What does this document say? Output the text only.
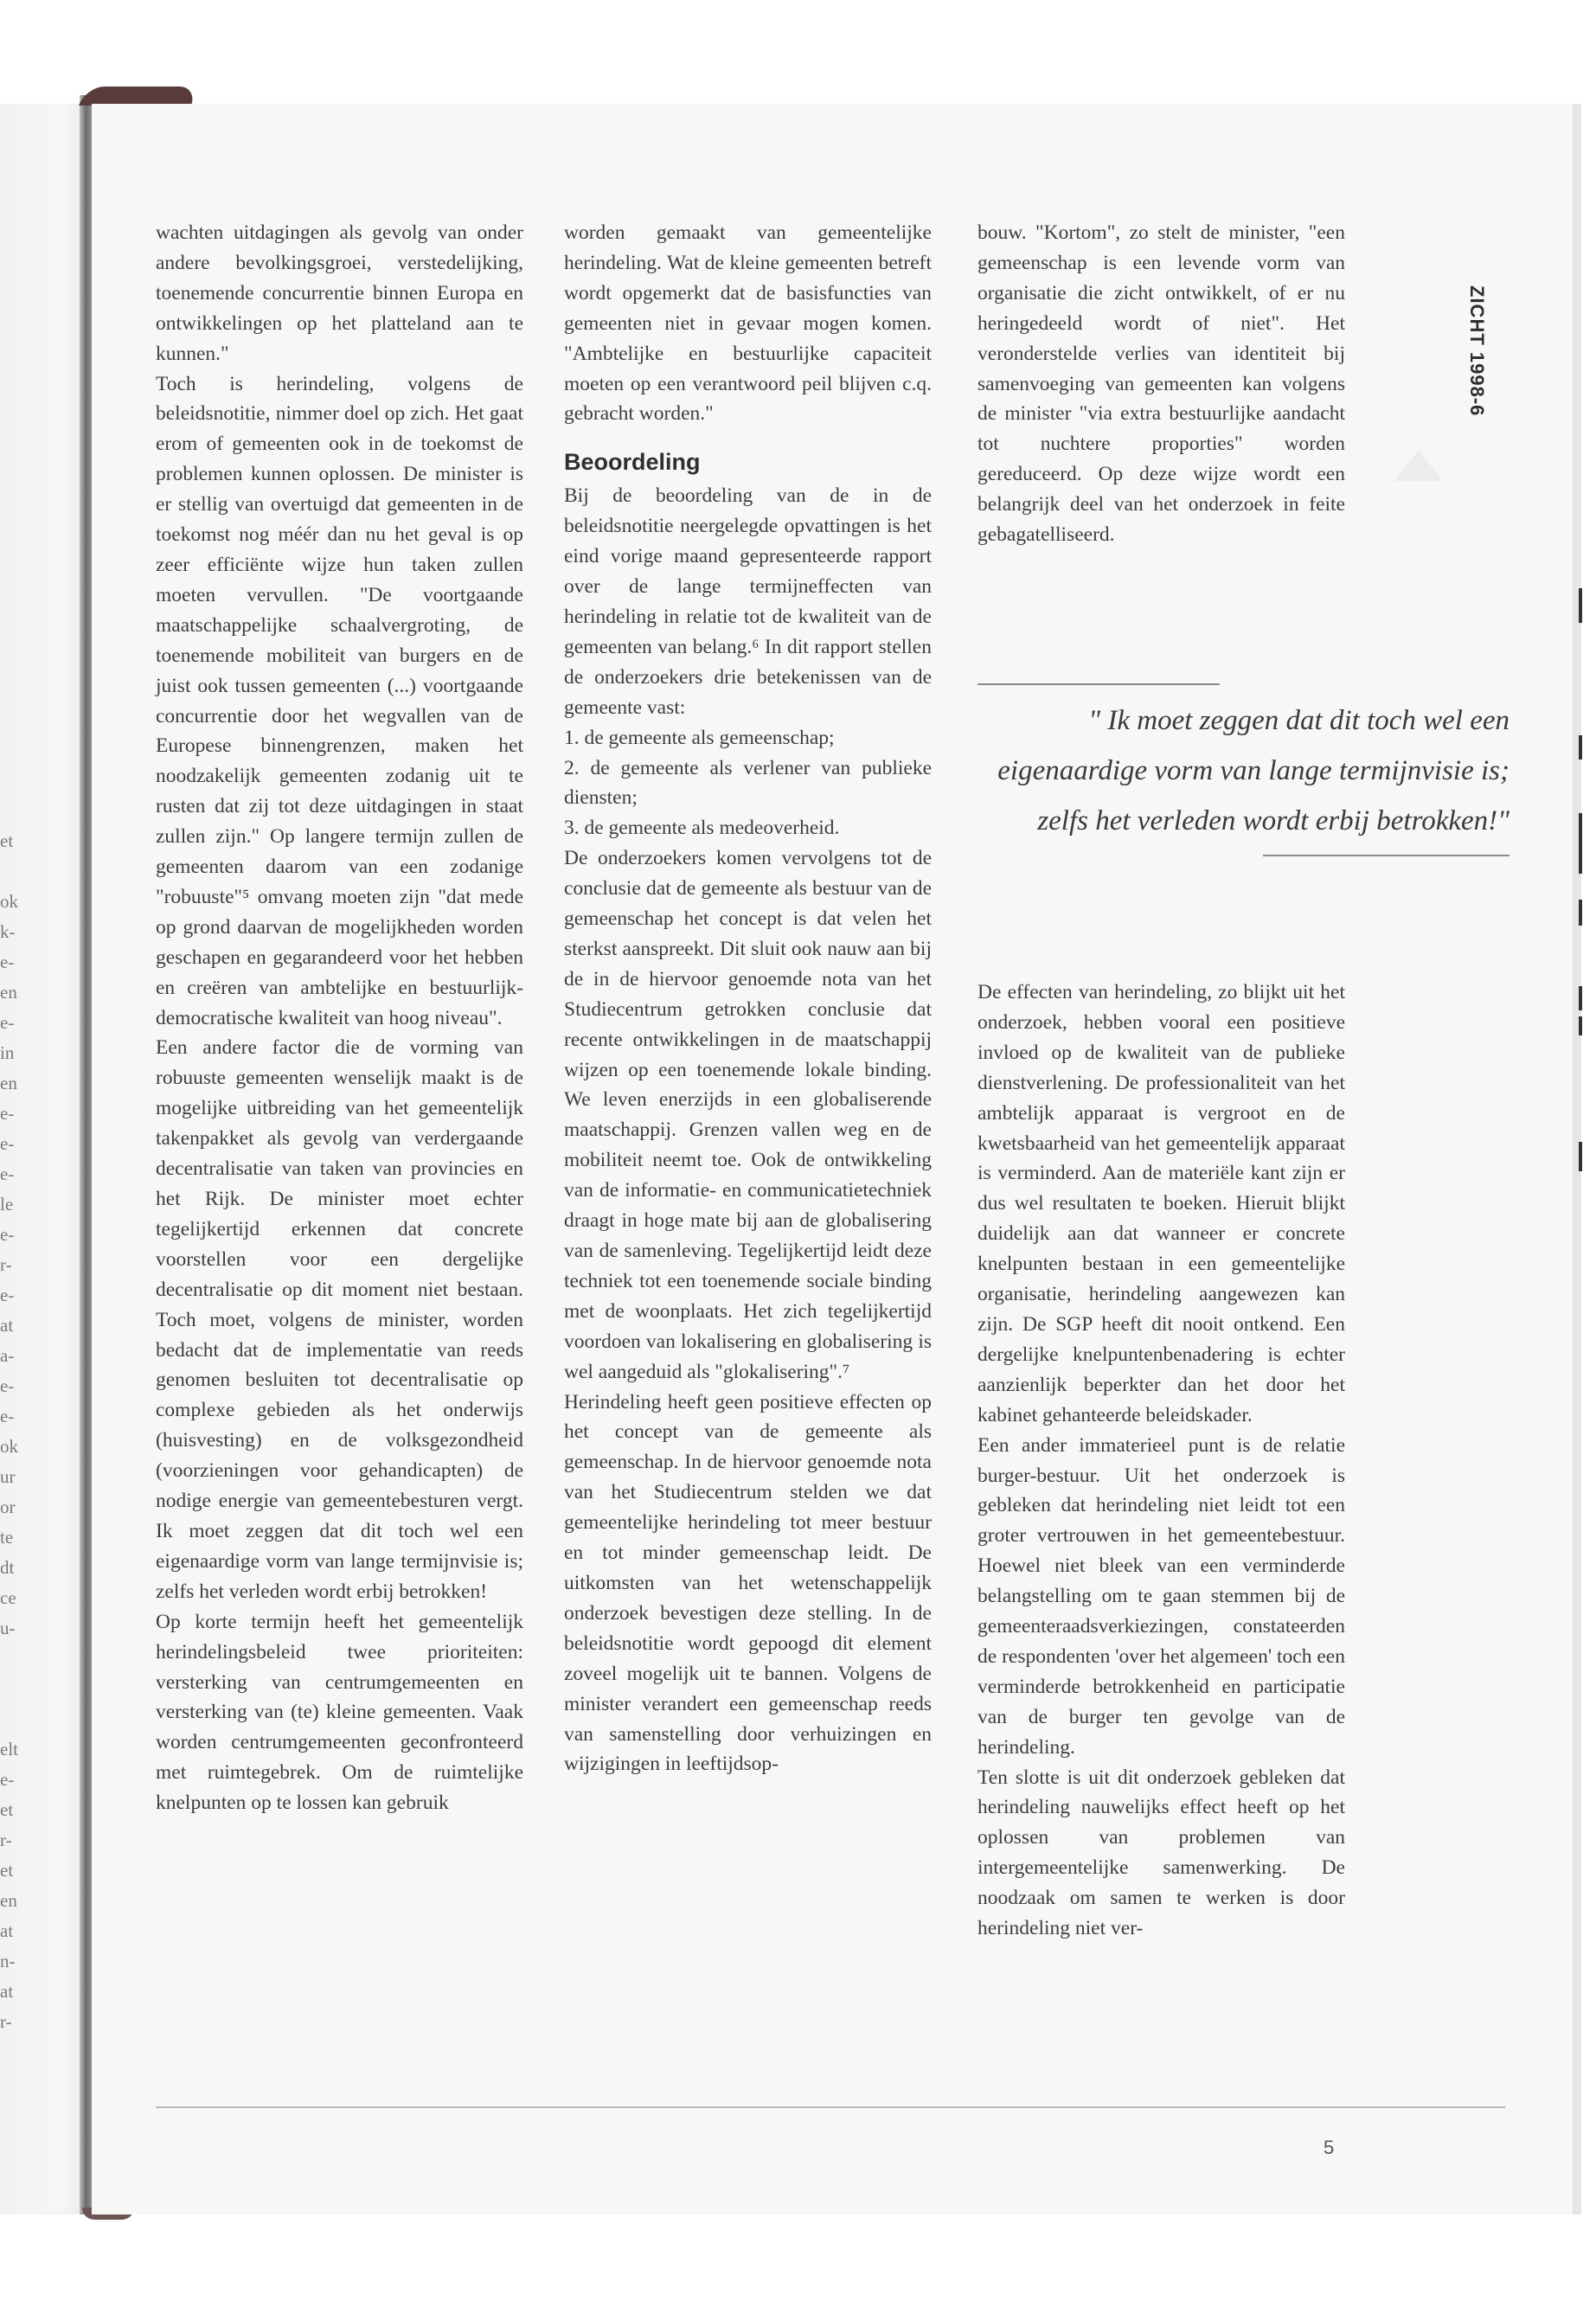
et
ok
k-
e-
en
e-
in
en
e-
e-
e-
le
e-
r-
e-
at
a-
e-
e-
ok
ur
or
te
dt
ce
u-
elt
e-
et
r-
et
en
at
n-
at
r-
ZICHT 1998-6

wachten uitdagingen als gevolg van onder andere bevolkingsgroei, verstedelijking, toenemende concurrentie binnen Europa en ontwikkelingen op het platteland aan te kunnen."

Toch is herindeling, volgens de beleidsnotitie, nimmer doel op zich. Het gaat erom of gemeenten ook in de toekomst de problemen kunnen oplossen. De minister is er stellig van overtuigd dat gemeenten in de toekomst nog méér dan nu het geval is op zeer efficiënte wijze hun taken zullen moeten vervullen. "De voortgaande maatschappelijke schaalvergroting, de toenemende mobiliteit van burgers en de juist ook tussen gemeenten (...) voortgaande concurrentie door het wegvallen van de Europese binnengrenzen, maken het noodzakelijk gemeenten zodanig uit te rusten dat zij tot deze uitdagingen in staat zullen zijn." Op langere termijn zullen de gemeenten daarom van een zodanige "robuuste"⁵ omvang moeten zijn "dat mede op grond daarvan de mogelijkheden worden geschapen en gegarandeerd voor het hebben en creëren van ambtelijke en bestuurlijk-democratische kwaliteit van hoog niveau".

Een andere factor die de vorming van robuuste gemeenten wenselijk maakt is de mogelijke uitbreiding van het gemeentelijk takenpakket als gevolg van verdergaande decentralisatie van taken van provincies en het Rijk. De minister moet echter tegelijkertijd erkennen dat concrete voorstellen voor een dergelijke decentralisatie op dit moment niet bestaan. Toch moet, volgens de minister, worden bedacht dat de implementatie van reeds genomen besluiten tot decentralisatie op complexe gebieden als het onderwijs (huisvesting) en de volksgezondheid (voorzieningen voor gehandicapten) de nodige energie van gemeentebesturen vergt. Ik moet zeggen dat dit toch wel een eigenaardige vorm van lange termijnvisie is; zelfs het verleden wordt erbij betrokken!

Op korte termijn heeft het gemeentelijk herindelingsbeleid twee prioriteiten: versterking van centrumgemeenten en versterking van (te) kleine gemeenten. Vaak worden centrumgemeenten geconfronteerd met ruimtegebrek. Om de ruimtelijke knelpunten op te lossen kan gebruik

worden gemaakt van gemeentelijke herindeling. Wat de kleine gemeenten betreft wordt opgemerkt dat de basisfuncties van gemeenten niet in gevaar mogen komen. "Ambtelijke en bestuurlijke capaciteit moeten op een verantwoord peil blijven c.q. gebracht worden."

Beoordeling

Bij de beoordeling van de in de beleidsnotitie neergelegde opvattingen is het eind vorige maand gepresenteerde rapport over de lange termijneffecten van herindeling in relatie tot de kwaliteit van de gemeenten van belang.⁶ In dit rapport stellen de onderzoekers drie betekenissen van de gemeente vast:

1. de gemeente als gemeenschap;

2. de gemeente als verlener van publieke diensten;

3. de gemeente als medeoverheid.

De onderzoekers komen vervolgens tot de conclusie dat de gemeente als bestuur van de gemeenschap het concept is dat velen het sterkst aanspreekt. Dit sluit ook nauw aan bij de in de hiervoor genoemde nota van het Studiecentrum getrokken conclusie dat recente ontwikkelingen in de maatschappij wijzen op een toenemende lokale binding. We leven enerzijds in een globaliserende maatschappij. Grenzen vallen weg en de mobiliteit neemt toe. Ook de ontwikkeling van de informatie- en communicatietechniek draagt in hoge mate bij aan de globalisering van de samenleving. Tegelijkertijd leidt deze techniek tot een toenemende sociale binding met de woonplaats. Het zich tegelijkertijd voordoen van lokalisering en globalisering is wel aangeduid als "glokalisering".⁷

Herindeling heeft geen positieve effecten op het concept van de gemeente als gemeenschap. In de hiervoor genoemde nota van het Studiecentrum stelden we dat gemeentelijke herindeling tot meer bestuur en tot minder gemeenschap leidt. De uitkomsten van het wetenschappelijk onderzoek bevestigen deze stelling. In de beleidsnotitie wordt gepoogd dit element zoveel mogelijk uit te bannen. Volgens de minister verandert een gemeenschap reeds van samenstelling door verhuizingen en wijzigingen in leeftijdsop-

bouw. "Kortom", zo stelt de minister, "een gemeenschap is een levende vorm van organisatie die zicht ontwikkelt, of er nu heringedeeld wordt of niet". Het veronderstelde verlies van identiteit bij samenvoeging van gemeenten kan volgens de minister "via extra bestuurlijke aandacht tot nuchtere proporties" worden gereduceerd. Op deze wijze wordt een belangrijk deel van het onderzoek in feite gebagatelliseerd.

" Ik moet zeggen dat dit toch wel een
eigenaardige vorm van lange termijnvisie is;
zelfs het verleden wordt erbij betrokken!"

De effecten van herindeling, zo blijkt uit het onderzoek, hebben vooral een positieve invloed op de kwaliteit van de publieke dienstverlening. De professionaliteit van het ambtelijk apparaat is vergroot en de kwetsbaarheid van het gemeentelijk apparaat is verminderd. Aan de materiële kant zijn er dus wel resultaten te boeken. Hieruit blijkt duidelijk aan dat wanneer er concrete knelpunten bestaan in een gemeentelijke organisatie, herindeling aangewezen kan zijn. De SGP heeft dit nooit ontkend. Een dergelijke knelpuntenbenadering is echter aanzienlijk beperkter dan het door het kabinet gehanteerde beleidskader.

Een ander immaterieel punt is de relatie burger-bestuur. Uit het onderzoek is gebleken dat herindeling niet leidt tot een groter vertrouwen in het gemeentebestuur. Hoewel niet bleek van een verminderde belangstelling om te gaan stemmen bij de gemeenteraadsverkiezingen, constateerden de respondenten 'over het algemeen' toch een verminderde betrokkenheid en participatie van de burger ten gevolge van de herindeling.

Ten slotte is uit dit onderzoek gebleken dat herindeling nauwelijks effect heeft op het oplossen van problemen van intergemeentelijke samenwerking. De noodzaak om samen te werken is door herindeling niet ver-

5
